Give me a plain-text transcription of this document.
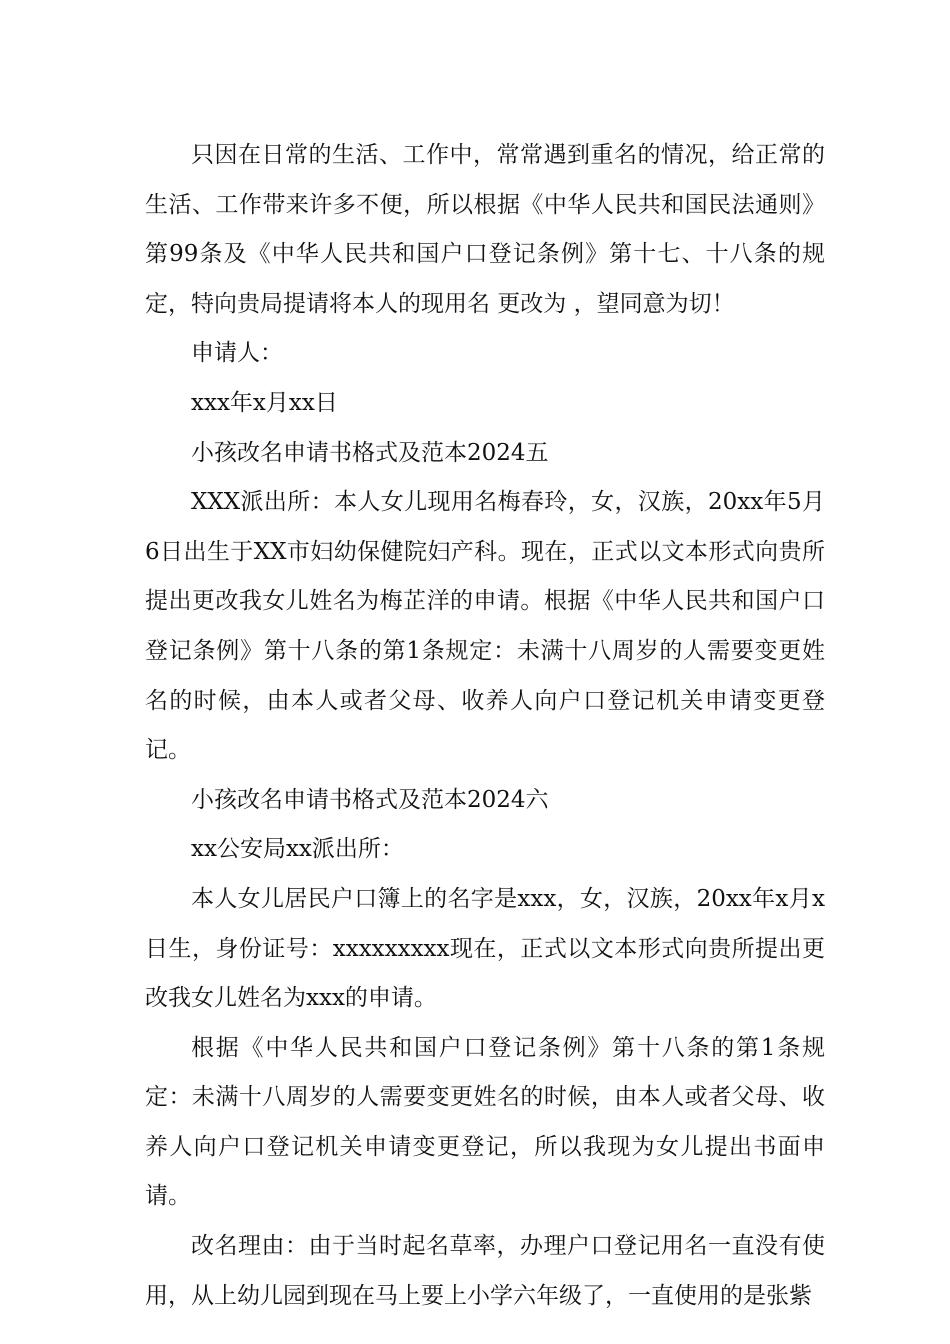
只因在日常的生活、工作中，常常遇到重名的情况，给正常的生活、工作带来许多不便，所以根据《中华人民共和国民法通则》第99条及《中华人民共和国户口登记条例》第十七、十八条的规定，特向贵局提请将本人的现用名 更改为 ，望同意为切！

申请人：

xxx年x月xx日

小孩改名申请书格式及范本2024五

XXX派出所：本人女儿现用名梅春玲，女，汉族，20xx年5月6日出生于XX市妇幼保健院妇产科。现在，正式以文本形式向贵所提出更改我女儿姓名为梅芷洋的申请。根据《中华人民共和国户口登记条例》第十八条的第1条规定：未满十八周岁的人需要变更姓名的时候，由本人或者父母、收养人向户口登记机关申请变更登记。

小孩改名申请书格式及范本2024六

xx公安局xx派出所：

本人女儿居民户口簿上的名字是xxx，女，汉族，20xx年x月x日生，身份证号：xxxxxxxxx现在，正式以文本形式向贵所提出更改我女儿姓名为xxx的申请。

根据《中华人民共和国户口登记条例》第十八条的第1条规定：未满十八周岁的人需要变更姓名的时候，由本人或者父母、收养人向户口登记机关申请变更登记，所以我现为女儿提出书面申请。

改名理由：由于当时起名草率，办理户口登记用名一直没有使用，从上幼儿园到现在马上要上小学六年级了，一直使用的是张紫
